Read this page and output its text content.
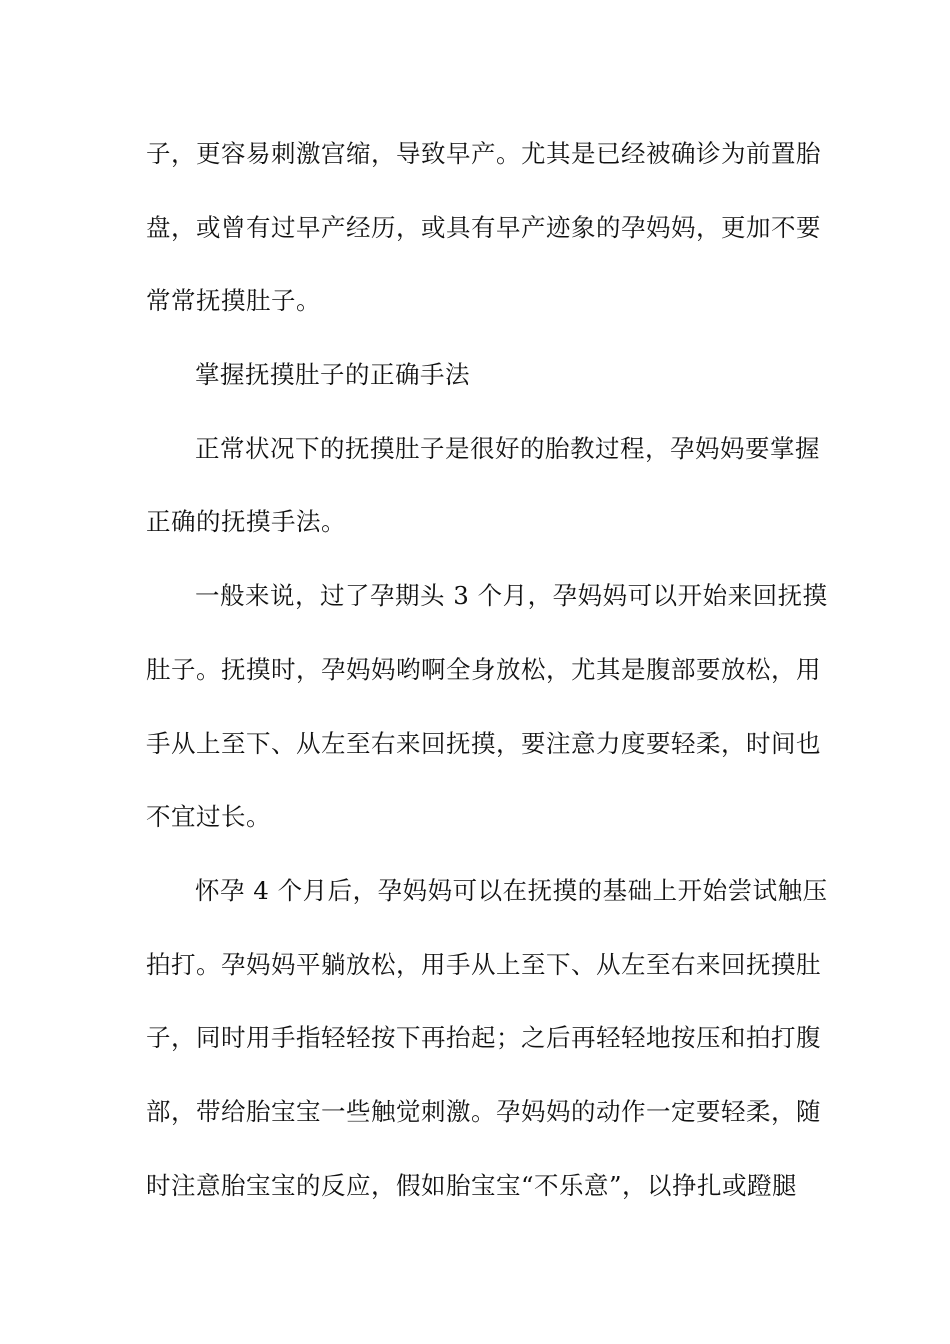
子，更容易刺激宫缩，导致早产。尤其是已经被确诊为前置胎
盘，或曾有过早产经历，或具有早产迹象的孕妈妈，更加不要
常常抚摸肚子。
掌握抚摸肚子的正确手法
正常状况下的抚摸肚子是很好的胎教过程，孕妈妈要掌握
正确的抚摸手法。
一般来说，过了孕期头 3 个月，孕妈妈可以开始来回抚摸
肚子。抚摸时，孕妈妈哟啊全身放松，尤其是腹部要放松，用
手从上至下、从左至右来回抚摸，要注意力度要轻柔，时间也
不宜过长。
怀孕 4 个月后，孕妈妈可以在抚摸的基础上开始尝试触压
拍打。孕妈妈平躺放松，用手从上至下、从左至右来回抚摸肚
子，同时用手指轻轻按下再抬起；之后再轻轻地按压和拍打腹
部，带给胎宝宝一些触觉刺激。孕妈妈的动作一定要轻柔，随
时注意胎宝宝的反应，假如胎宝宝“不乐意”，以挣扎或蹬腿
